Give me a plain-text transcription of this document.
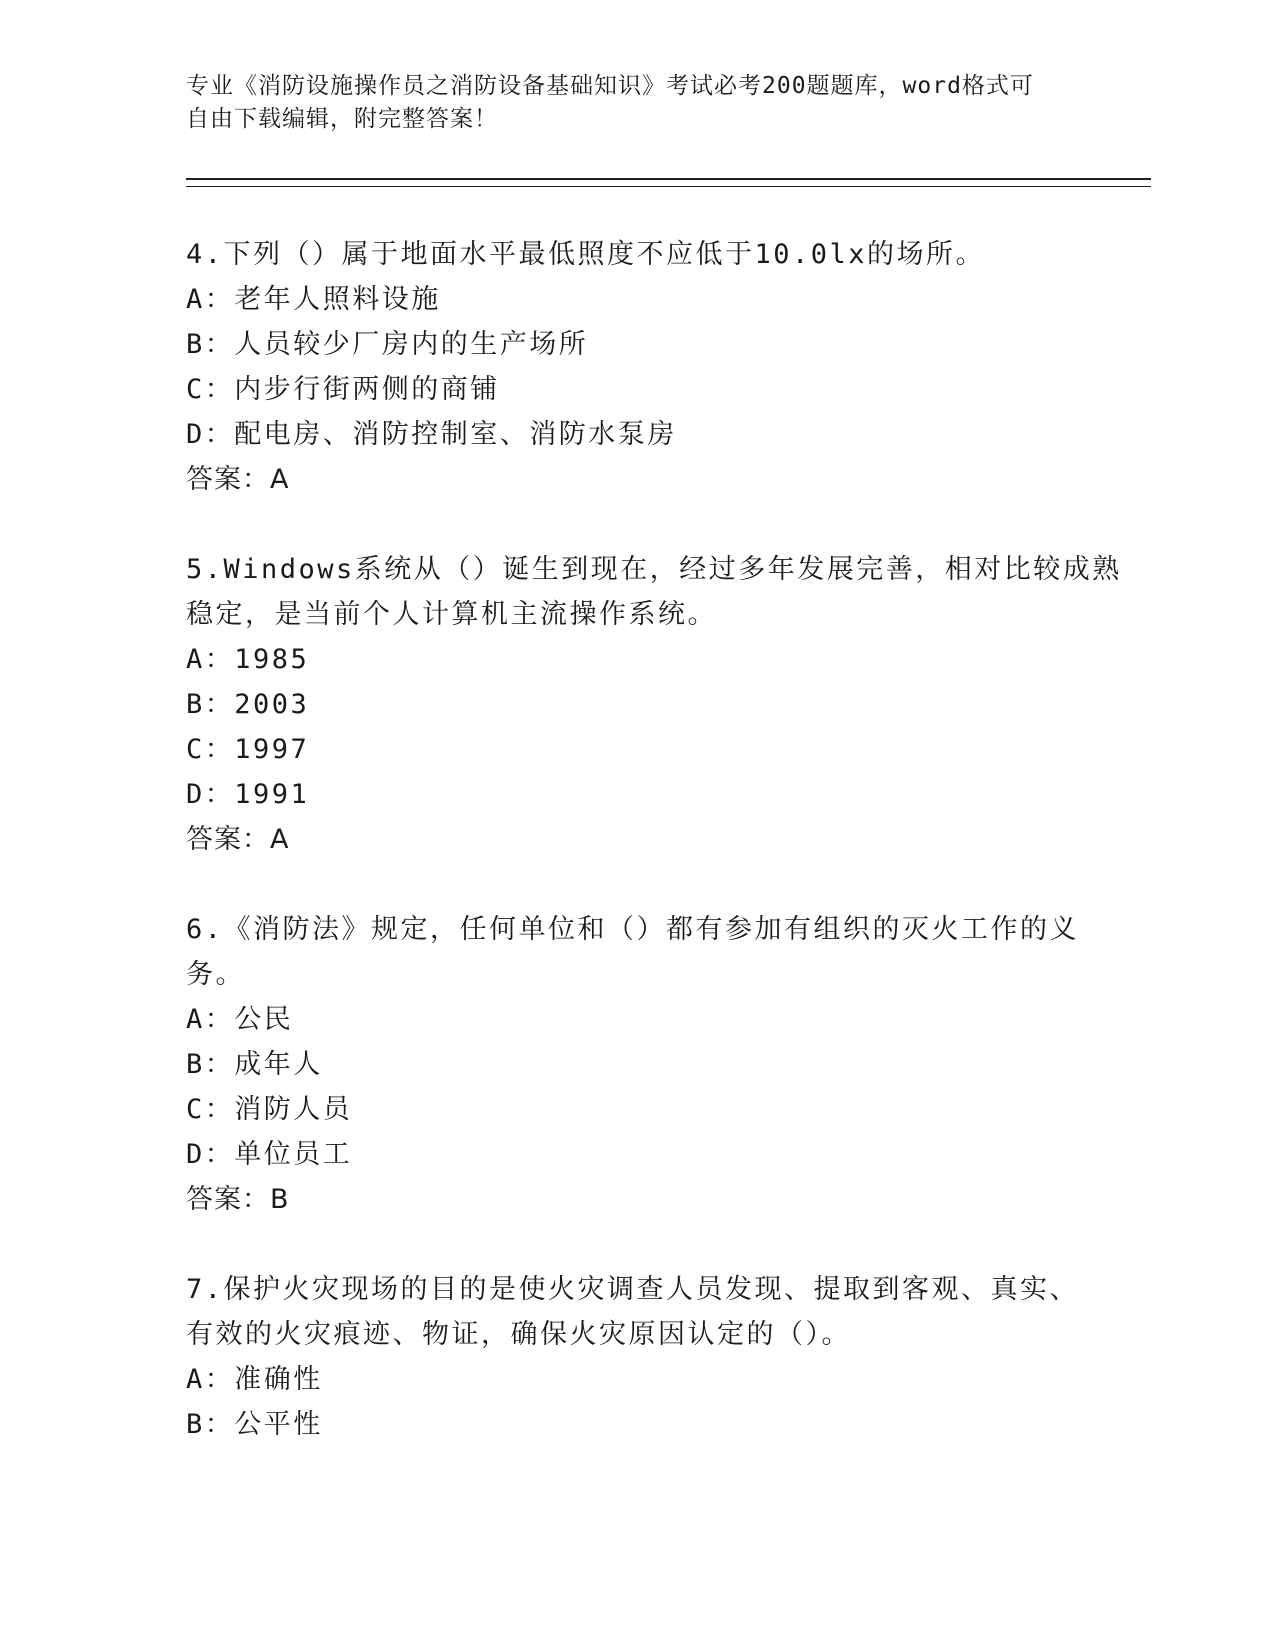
专业《消防设施操作员之消防设备基础知识》考试必考200题题库，word格式可
自由下载编辑，附完整答案！
4.下列（）属于地面水平最低照度不应低于10.0lx的场所。
A：老年人照料设施
B：人员较少厂房内的生产场所
C：内步行街两侧的商铺
D：配电房、消防控制室、消防水泵房
答案：A
5.Windows系统从（）诞生到现在，经过多年发展完善，相对比较成熟
稳定，是当前个人计算机主流操作系统。
A：1985
B：2003
C：1997
D：1991
答案：A
6.《消防法》规定，任何单位和（）都有参加有组织的灭火工作的义
务。
A：公民
B：成年人
C：消防人员
D：单位员工
答案：B
7.保护火灾现场的目的是使火灾调查人员发现、提取到客观、真实、
有效的火灾痕迹、物证，确保火灾原因认定的（）。
A：准确性
B：公平性
